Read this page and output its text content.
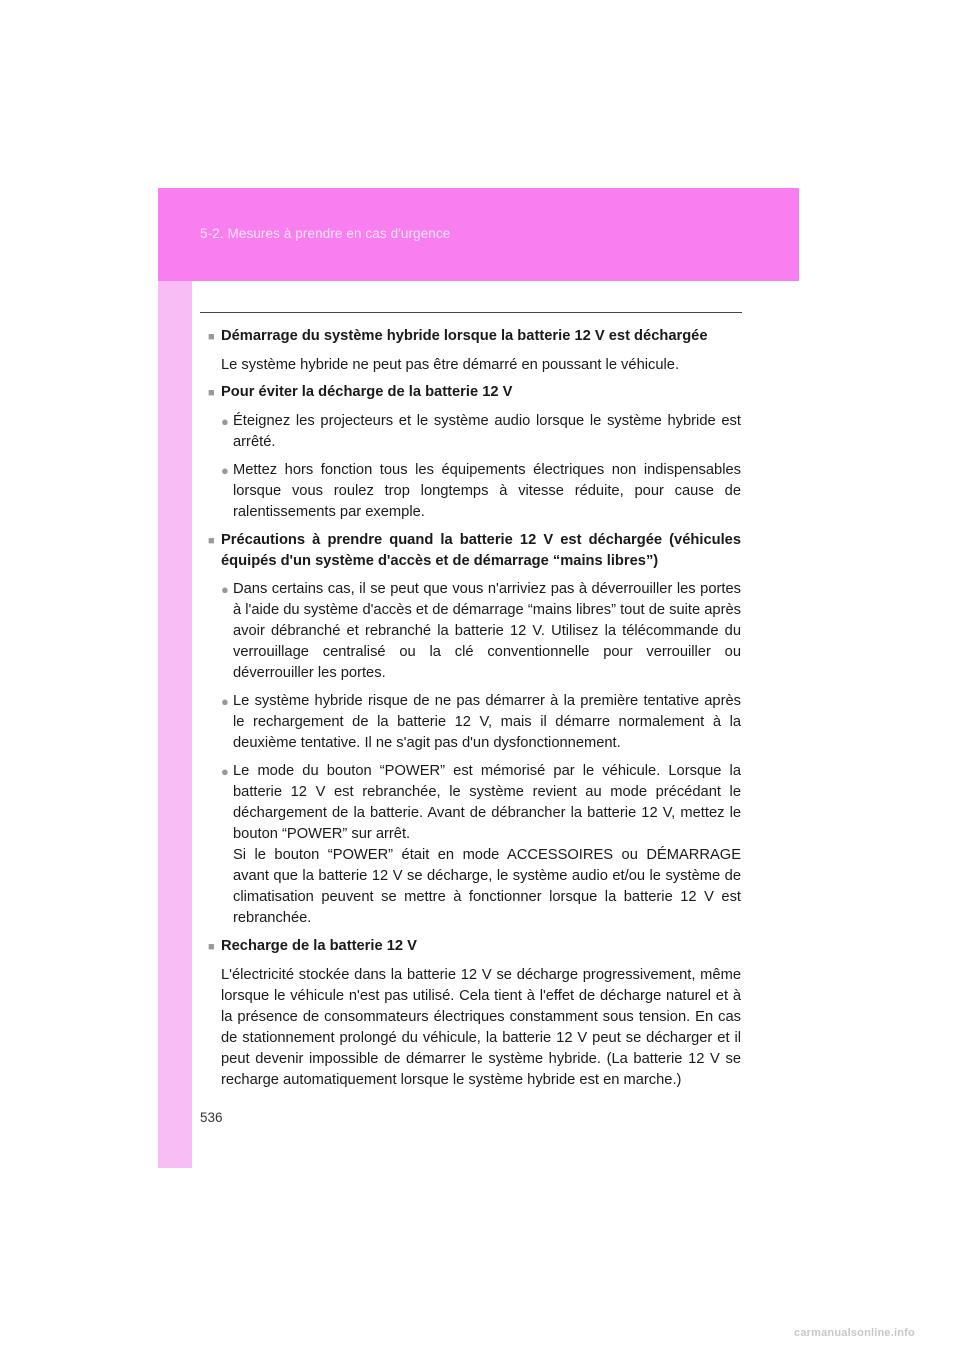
5-2. Mesures à prendre en cas d'urgence
■ Démarrage du système hybride lorsque la batterie 12 V est déchargée
Le système hybride ne peut pas être démarré en poussant le véhicule.
■ Pour éviter la décharge de la batterie 12 V
● Éteignez les projecteurs et le système audio lorsque le système hybride est arrêté.
● Mettez hors fonction tous les équipements électriques non indispensables lorsque vous roulez trop longtemps à vitesse réduite, pour cause de ralentissements par exemple.
■ Précautions à prendre quand la batterie 12 V est déchargée (véhicules
équipés d'un système d'accès et de démarrage “mains libres”)
● Dans certains cas, il se peut que vous n'arriviez pas à déverrouiller les portes à l'aide du système d'accès et de démarrage “mains libres” tout de suite après avoir débranché et rebranché la batterie 12 V. Utilisez la télécommande du verrouillage centralisé ou la clé conventionnelle pour verrouiller ou déverrouiller les portes.
● Le système hybride risque de ne pas démarrer à la première tentative après le rechargement de la batterie 12 V, mais il démarre normalement à la deuxième tentative. Il ne s'agit pas d'un dysfonctionnement.
● Le mode du bouton “POWER” est mémorisé par le véhicule. Lorsque la batterie 12 V est rebranchée, le système revient au mode précédant le déchargement de la batterie. Avant de débrancher la batterie 12 V, mettez le bouton “POWER” sur arrêt.
Si le bouton “POWER” était en mode ACCESSOIRES ou DÉMARRAGE avant que la batterie 12 V se décharge, le système audio et/ou le système de climatisation peuvent se mettre à fonctionner lorsque la batterie 12 V est rebranchée.
■ Recharge de la batterie 12 V
L'électricité stockée dans la batterie 12 V se décharge progressivement, même lorsque le véhicule n'est pas utilisé. Cela tient à l'effet de décharge naturel et à la présence de consommateurs électriques constamment sous tension. En cas de stationnement prolongé du véhicule, la batterie 12 V peut se décharger et il peut devenir impossible de démarrer le système hybride. (La batterie 12 V se recharge automatiquement lorsque le système hybride est en marche.)
536
carmanualsonline.info
